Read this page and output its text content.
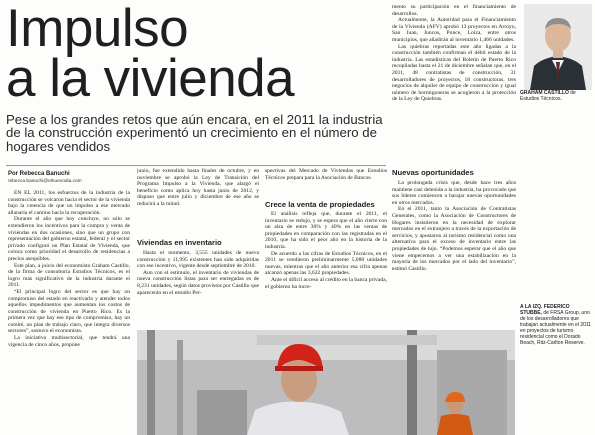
Impulso
a la vivienda
Pese a los grandes retos que aún encara, en el 2011 la industria de la construcción experimentó un crecimiento en el número de hogares vendidos
Por Rebecca Banuchi
rebecca.banuchi@elnuevodia.com

EN EL 2011, los esfuerzos de la industria de la construcción se volcaron hacia el sector de la vivienda bajo la creencia de que un impulso a ese mercado allanaría el camino hacia la recuperación.

Durante el año que hoy concluye, no sólo se extendieron los incentivos para la compra y venta de viviendas en dos ocasiones, sino que un grupo con representación del gobierno estatal, federal y el sector privado configuró un Plan Estatal de Vivienda, que coloca como prioridad el desarrollo de residencias a precios asequibles.

Este plan, a juicio del economista Graham Castillo, de la firma de consultoría Estudios Técnicos, es el logro más significativo de la industria durante el 2011.

“El principal logro del sector es que hay un compromiso del estado en reactivarlo y atender todos aquellos impedimentos que aumentan los costos de construcción de vivienda en Puerto Rico. Es la primera vez que hay ese tipo de compromiso, hay un comité, un plan de trabajo claro, que integra diversos sectores”, sostuvo el economista.

La iniciativa multisectorial, que tendrá una vigencia de cinco años, propone

junio, fue extendido hasta finales de octubre, y en noviembre se aprobó la Ley de Transición del Programa Impulso a la Vivienda, que alargó el beneficio como aplica hoy hasta junio de 2012, y dispuso que entre julio y diciembre de ese año se reducirá a la mitad.

Viviendas en inventario

Hasta el momento, 3,555 unidades de nueva construcción y 11,995 existentes han sido adquiridas con ese incentivo, vigente desde septiembre de 2010.

Aun con el estímulo, el inventario de viviendas de nueva construcción listas para ser entregadas es de 8,231 unidades, según datos provistos por Castillo que aparecerán en el estudio Per-

spectivas del Mercado de Viviendas que Estudios Técnicos prepara para la Asociación de Bancos.

Crece la venta de propiedades

El análisis refleja que, durante el 2011, el inventario se redujo, y se espera que el año cierre con un alza de entre 30% y 40% en las ventas de propiedades en comparación con las registradas en el 2010, que ha sido el peor año en la historia de la industria.

De acuerdo a las cifras de Estudios Técnicos, en el 2011 se vendieron preliminarmente 5,088 unidades nuevas, mientras que el año anterior esa cifra apenas alcanzó apenas las 3,622 propiedades.

Ante el difícil acceso al crédito en la banca privada, el gobierno ha incre-

mento su participación en el financiamiento de desarrollos.

Actualmente, la Autoridad para el Financiamiento de la Vivienda (AFV) aprobó 13 proyectos en Arroyo, San Juan, Juncos, Ponce, Loíza, entre otros municipios, que añadirán al inventario 1,466 unidades.

Las quiebras reportadas este año ligadas a la construcción también confirman el débil estado de la industria. Las estadísticas del Boletín de Puerto Rico recopiladas hasta el 21 de diciembre señalan que, en el 2011, 48 contratistas de construcción, 31 desarrolladores de proyectos, 18 constructoras, tres negocios de alquiler de equipo de construcción y igual número de hormigoneras se acogieron a la protección de la Ley de Quiebras.

Nuevas oportunidades

La prolongada crisis que, desde hace tres años mantiene casi detenida a la industria, ha provocado que sus líderes comiencen a barajar nuevas oportunidades en otros mercados.

En el 2011, tanto la Asociación de Contratistas Generales, como la Asociación de Constructores de Hogares insistieron en la necesidad de explorar mercados en el extranjero a través de la exportación de servicios, y apostaron al turismo residencial como una alternativa para el exceso de inventario entre las propiedades de lujo. “Podemos esperar que el año que viene empecemos a ver una estabilización en la mayoría de los mercados por el lado del inventario”, estimó Castillo.

GRAHAM CASTILLO de Estudios Técnicos.
A LA IZQ. FEDERICO STUBBE, de FRSA Group, uno de los desarrolladores que trabajan actualmente en el 2011 en proyectos de turismo residencial como el Dorado Beach, Ritz-Carlton Reserve.
